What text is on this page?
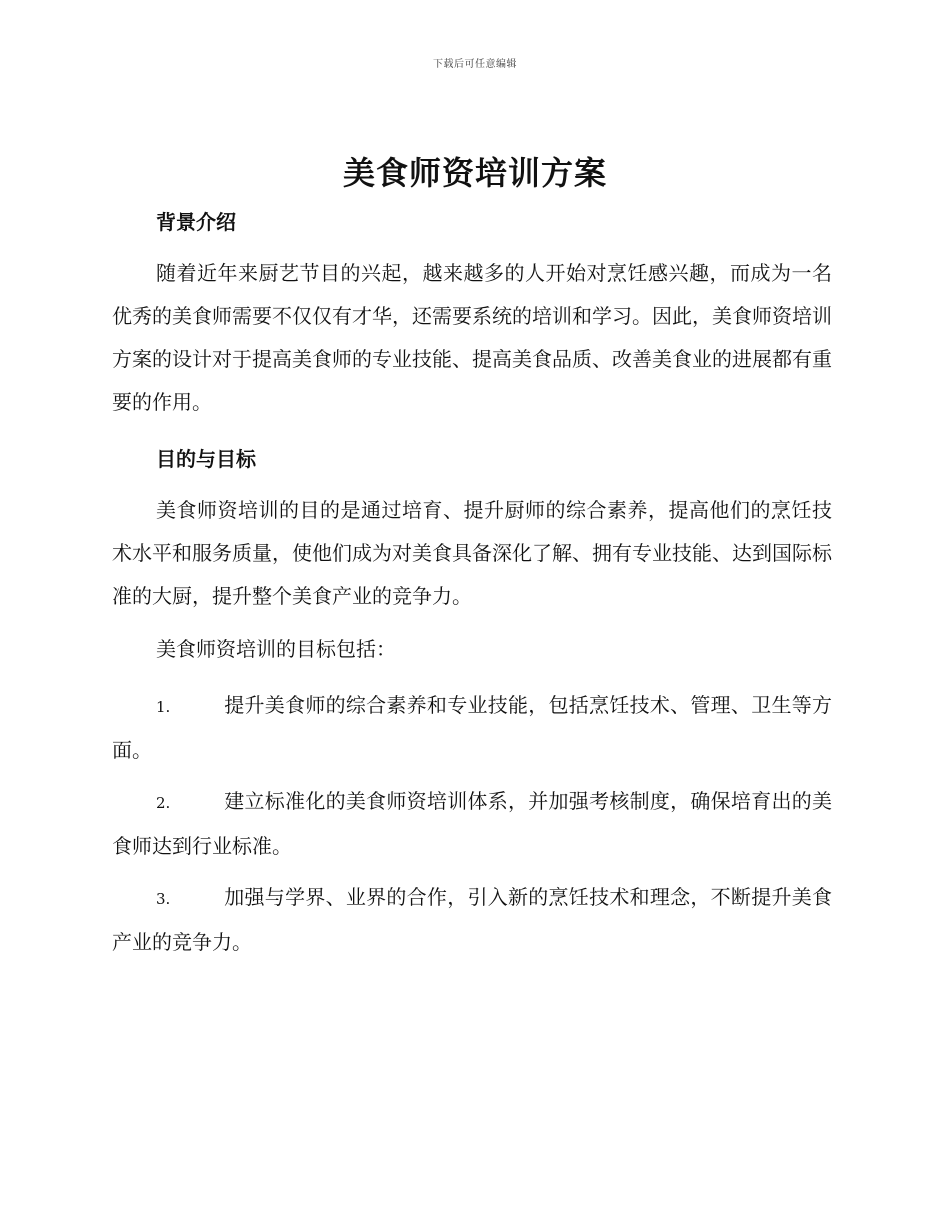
下载后可任意编辑
美食师资培训方案
背景介绍

随着近年来厨艺节目的兴起，越来越多的人开始对烹饪感兴趣，而成为一名优秀的美食师需要不仅仅有才华，还需要系统的培训和学习。因此，美食师资培训方案的设计对于提高美食师的专业技能、提高美食品质、改善美食业的进展都有重要的作用。

目的与目标

美食师资培训的目的是通过培育、提升厨师的综合素养，提高他们的烹饪技术水平和服务质量，使他们成为对美食具备深化了解、拥有专业技能、达到国际标准的大厨，提升整个美食产业的竞争力。

美食师资培训的目标包括：

1.	提升美食师的综合素养和专业技能，包括烹饪技术、管理、卫生等方面。

2.	建立标准化的美食师资培训体系，并加强考核制度，确保培育出的美食师达到行业标准。

3.	加强与学界、业界的合作，引入新的烹饪技术和理念，不断提升美食产业的竞争力。
